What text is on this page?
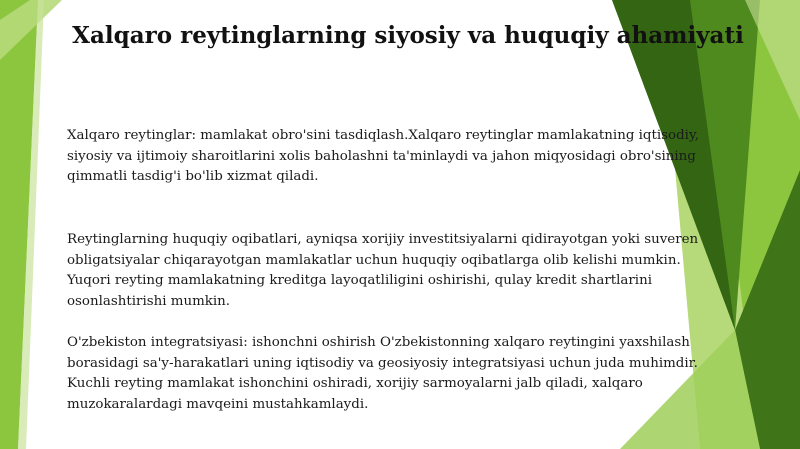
Xalqaro reytinglarning siyosiy va huquqiy ahamiyati

Xalqaro reytinglar: mamlakat obro'sini tasdiqlash.Xalqaro reytinglar mamlakatning iqtisodiy,
siyosiy va ijtimoiy sharoitlarini xolis baholashni ta'minlaydi va jahon miqyosidagi obro'sining
qimmatli tasdig'i bo'lib xizmat qiladi.

Reytinglarning huquqiy oqibatlari, ayniqsa xorijiy investitsiyalarni qidirayotgan yoki suveren
obligatsiyalar chiqarayotgan mamlakatlar uchun huquqiy oqibatlarga olib kelishi mumkin.
Yuqori reyting mamlakatning kreditga layoqatliligini oshirishi, qulay kredit shartlarini
osonlashtirishi mumkin.

O'zbekiston integratsiyasi: ishonchni oshirish O'zbekistonning xalqaro reytingini yaxshilash
borasidagi sa'y-harakatlari uning iqtisodiy va geosiyosiy integratsiyasi uchun juda muhimdir.
Kuchli reyting mamlakat ishonchini oshiradi, xorijiy sarmoyalarni jalb qiladi, xalqaro
muzokaralardagi mavqeini mustahkamlaydi.
